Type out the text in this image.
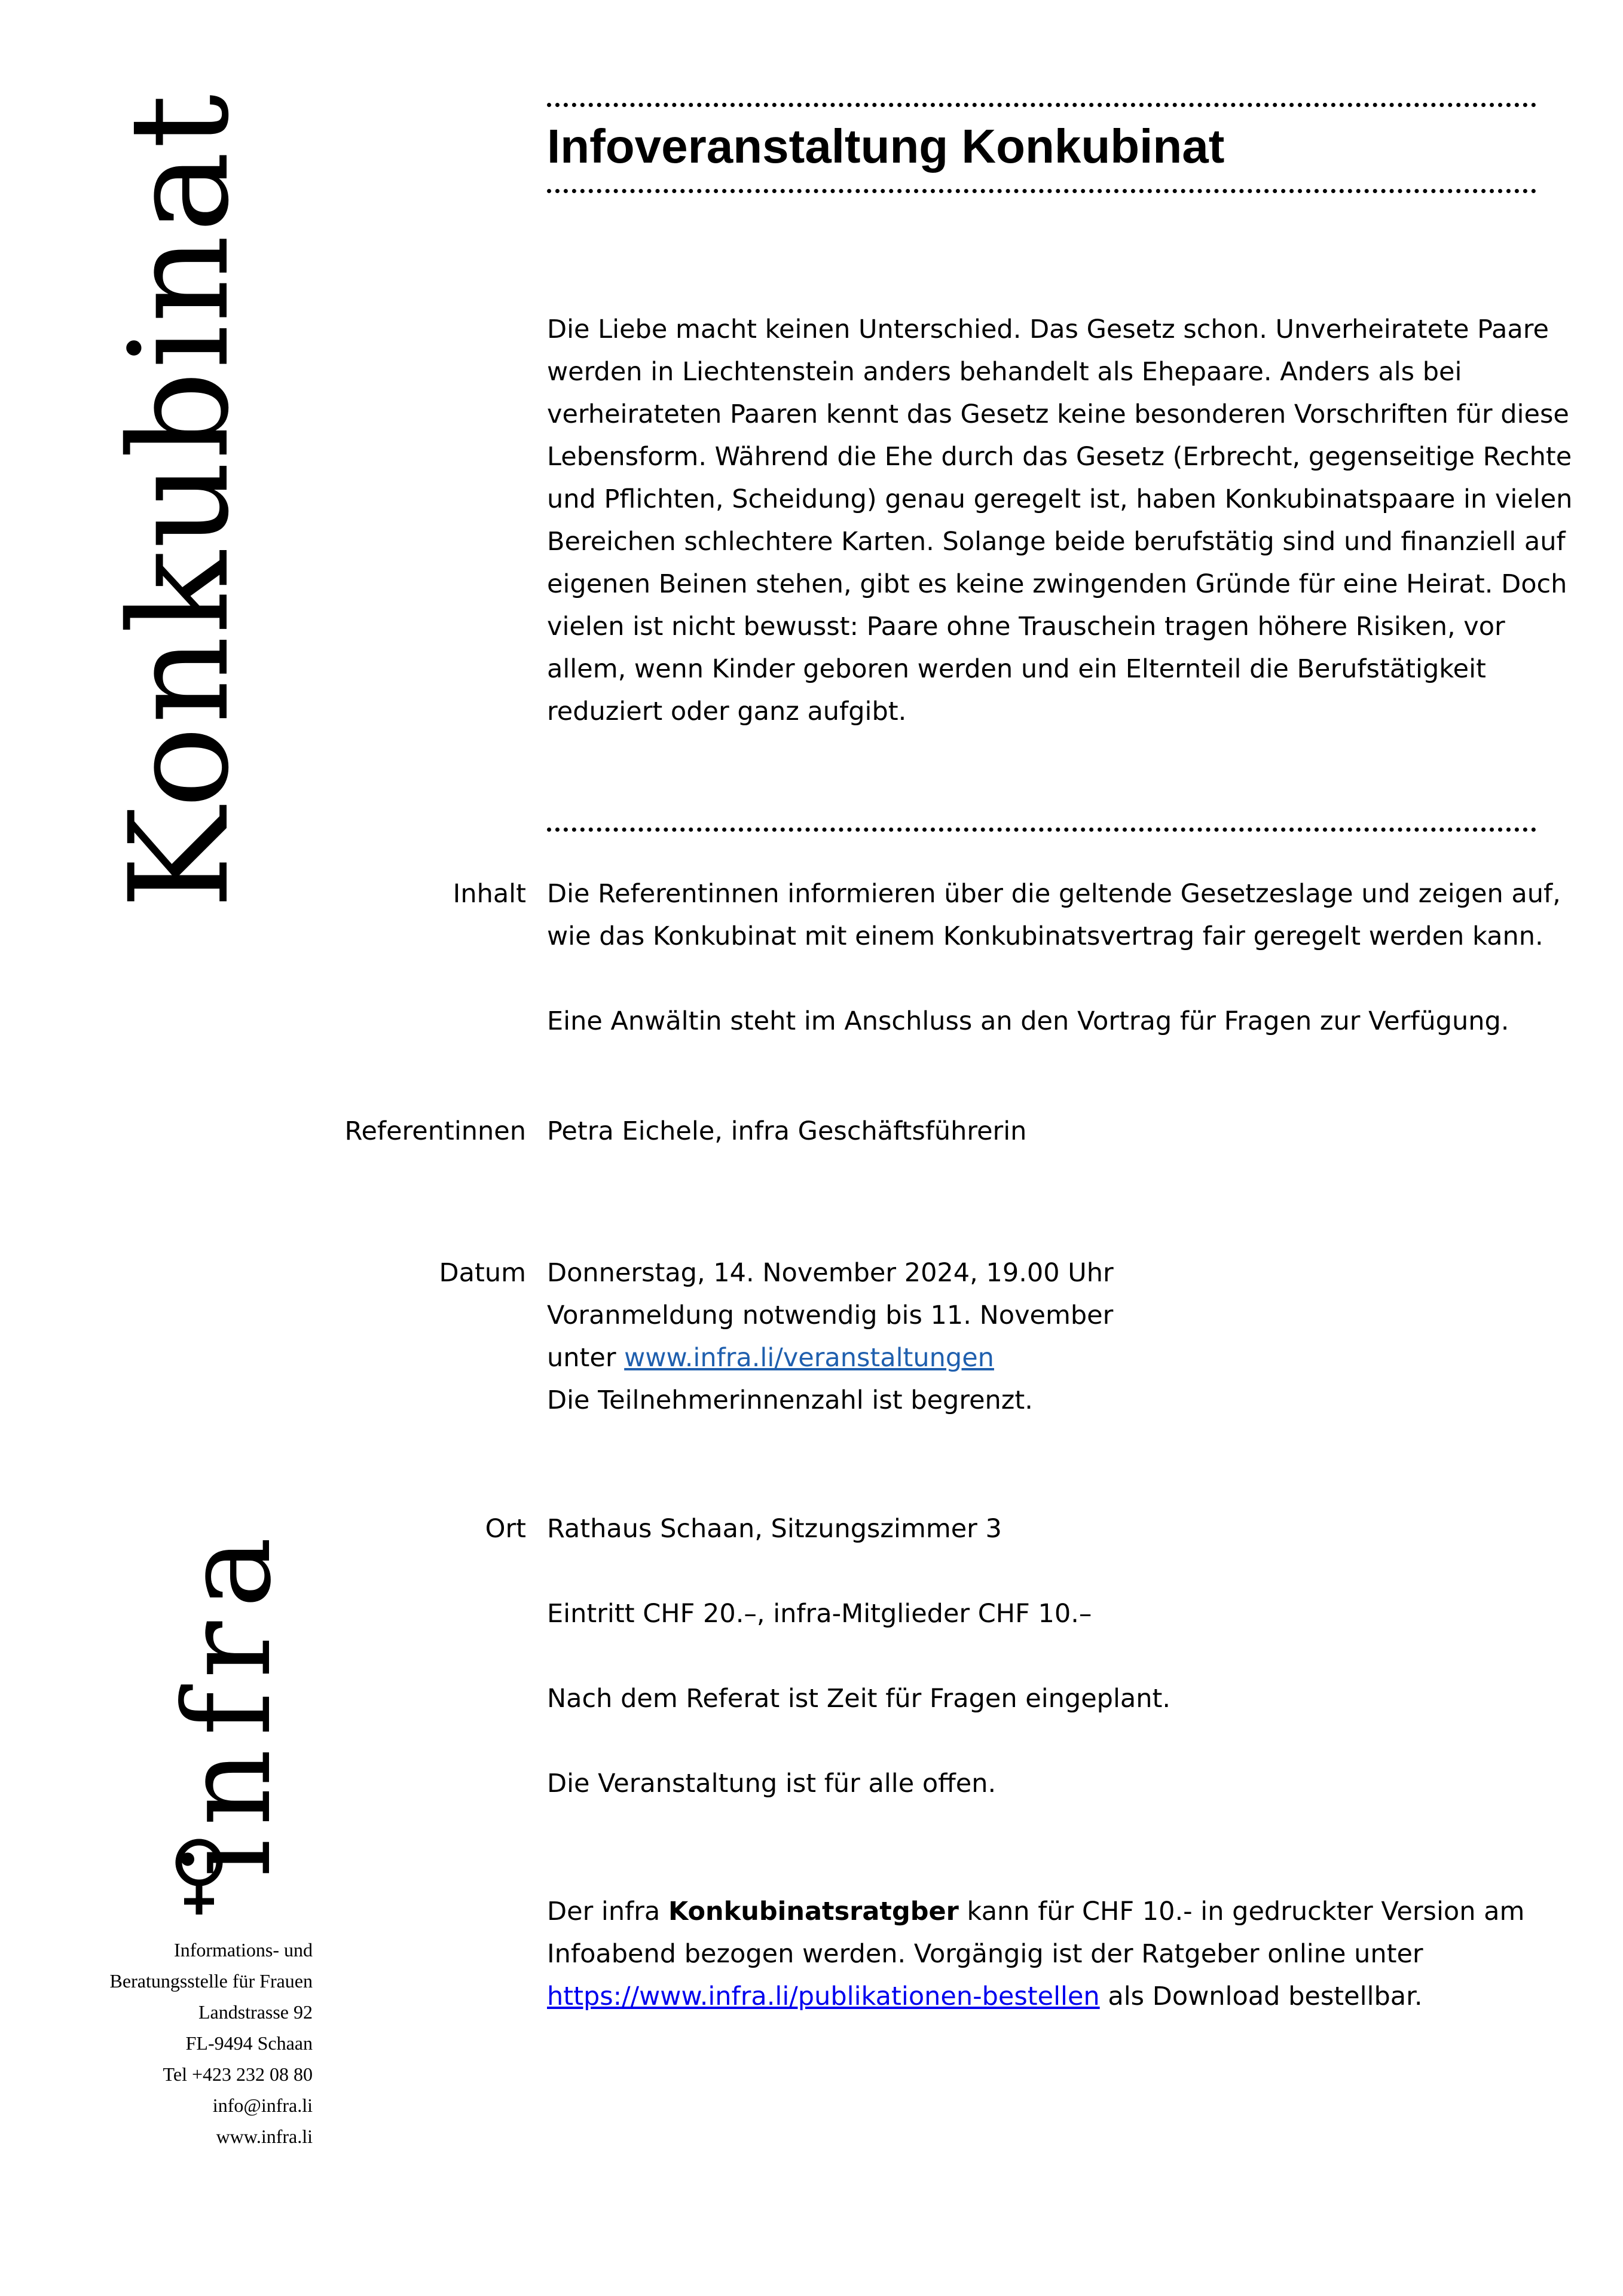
Konkubinat
infra
Informations- und
Beratungsstelle für Frauen
Landstrasse 92
FL-9494 Schaan
Tel +423 232 08 80
info@infra.li
www.infra.li
Infoveranstaltung Konkubinat
Die Liebe macht keinen Unterschied. Das Gesetz schon. Unverheiratete Paare
werden in Liechtenstein anders behandelt als Ehepaare. Anders als bei
verheirateten Paaren kennt das Gesetz keine besonderen Vorschriften für diese
Lebensform. Während die Ehe durch das Gesetz (Erbrecht, gegenseitige Rechte
und Pflichten, Scheidung) genau geregelt ist, haben Konkubinatspaare in vielen
Bereichen schlechtere Karten. Solange beide berufstätig sind und finanziell auf
eigenen Beinen stehen, gibt es keine zwingenden Gründe für eine Heirat. Doch
vielen ist nicht bewusst: Paare ohne Trauschein tragen höhere Risiken, vor
allem, wenn Kinder geboren werden und ein Elternteil die Berufstätigkeit
reduziert oder ganz aufgibt.
Inhalt Die Referentinnen informieren über die geltende Gesetzeslage und zeigen auf,
wie das Konkubinat mit einem Konkubinatsvertrag fair geregelt werden kann.
Eine Anwältin steht im Anschluss an den Vortrag für Fragen zur Verfügung.
Referentinnen Petra Eichele, infra Geschäftsführerin
Datum Donnerstag, 14. November 2024, 19.00 Uhr
Voranmeldung notwendig bis 11. November
unter www.infra.li/veranstaltungen
Die Teilnehmerinnenzahl ist begrenzt.
Ort Rathaus Schaan, Sitzungszimmer 3
Eintritt CHF 20.–, infra-Mitglieder CHF 10.–
Nach dem Referat ist Zeit für Fragen eingeplant.
Die Veranstaltung ist für alle offen.
Der infra Konkubinatsratgber kann für CHF 10.- in gedruckter Version am
Infoabend bezogen werden. Vorgängig ist der Ratgeber online unter
https://www.infra.li/publikationen-bestellen als Download bestellbar.
